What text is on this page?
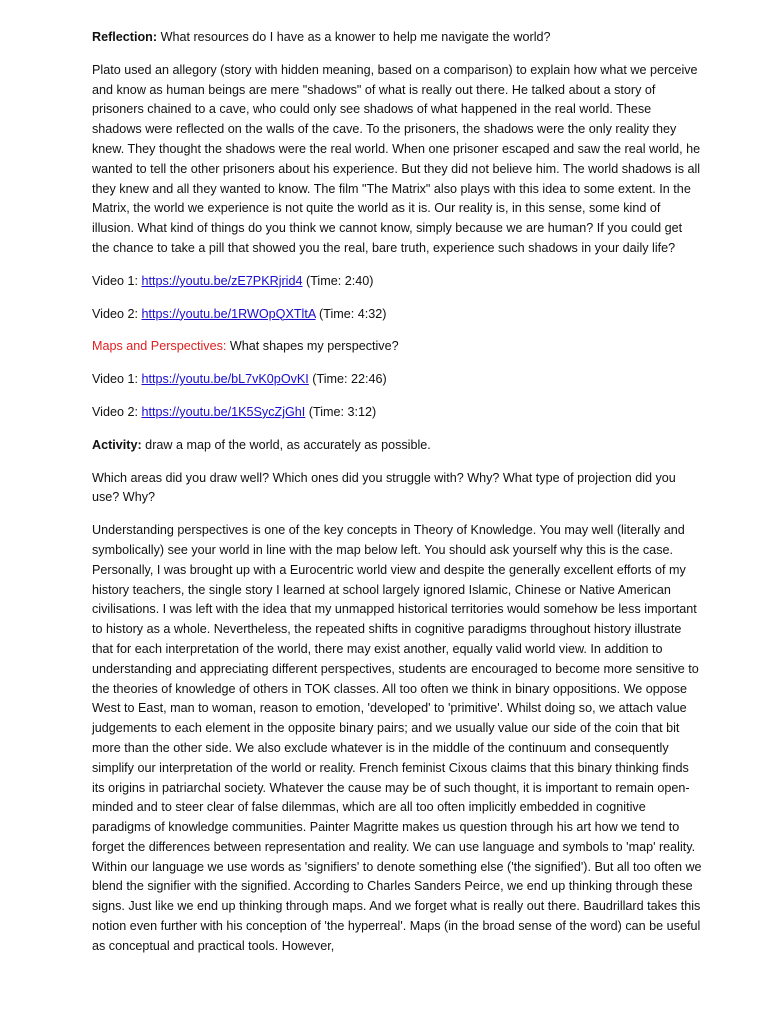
Reflection: What resources do I have as a knower to help me navigate the world?

Plato used an allegory (story with hidden meaning, based on a comparison) to explain how what we perceive and know as human beings are mere "shadows" of what is really out there. He talked about a story of prisoners chained to a cave, who could only see shadows of what happened in the real world. These shadows were reflected on the walls of the cave. To the prisoners, the shadows were the only reality they knew. They thought the shadows were the real world. When one prisoner escaped and saw the real world, he wanted to tell the other prisoners about his experience. But they did not believe him. The world shadows is all they knew and all they wanted to know. The film "The Matrix" also plays with this idea to some extent. In the Matrix, the world we experience is not quite the world as it is. Our reality is, in this sense, some kind of illusion. What kind of things do you think we cannot know, simply because we are human? If you could get the chance to take a pill that showed you the real, bare truth, experience such shadows in your daily life?

Video 1: https://youtu.be/zE7PKRjrid4 (Time: 2:40)

Video 2: https://youtu.be/1RWOpQXTltA (Time: 4:32)

Maps and Perspectives: What shapes my perspective?

Video 1: https://youtu.be/bL7vK0pOvKI (Time: 22:46)

Video 2: https://youtu.be/1K5SycZjGhI (Time: 3:12)

Activity: draw a map of the world, as accurately as possible.

Which areas did you draw well? Which ones did you struggle with? Why? What type of projection did you use? Why?

Understanding perspectives is one of the key concepts in Theory of Knowledge. You may well (literally and symbolically) see your world in line with the map below left. You should ask yourself why this is the case. Personally, I was brought up with a Eurocentric world view and despite the generally excellent efforts of my history teachers, the single story I learned at school largely ignored Islamic, Chinese or Native American civilisations. I was left with the idea that my unmapped historical territories would somehow be less important to history as a whole. Nevertheless, the repeated shifts in cognitive paradigms throughout history illustrate that for each interpretation of the world, there may exist another, equally valid world view. In addition to understanding and appreciating different perspectives, students are encouraged to become more sensitive to the theories of knowledge of others in TOK classes. All too often we think in binary oppositions. We oppose West to East, man to woman, reason to emotion, 'developed' to 'primitive'. Whilst doing so, we attach value judgements to each element in the opposite binary pairs; and we usually value our side of the coin that bit more than the other side. We also exclude whatever is in the middle of the continuum and consequently simplify our interpretation of the world or reality. French feminist Cixous claims that this binary thinking finds its origins in patriarchal society. Whatever the cause may be of such thought, it is important to remain open-minded and to steer clear of false dilemmas, which are all too often implicitly embedded in cognitive paradigms of knowledge communities. Painter Magritte makes us question through his art how we tend to forget the differences between representation and reality. We can use language and symbols to 'map' reality. Within our language we use words as 'signifiers' to denote something else ('the signified'). But all too often we blend the signifier with the signified. According to Charles Sanders Peirce, we end up thinking through these signs. Just like we end up thinking through maps. And we forget what is really out there. Baudrillard takes this notion even further with his conception of 'the hyperreal'. Maps (in the broad sense of the word) can be useful as conceptual and practical tools. However,
